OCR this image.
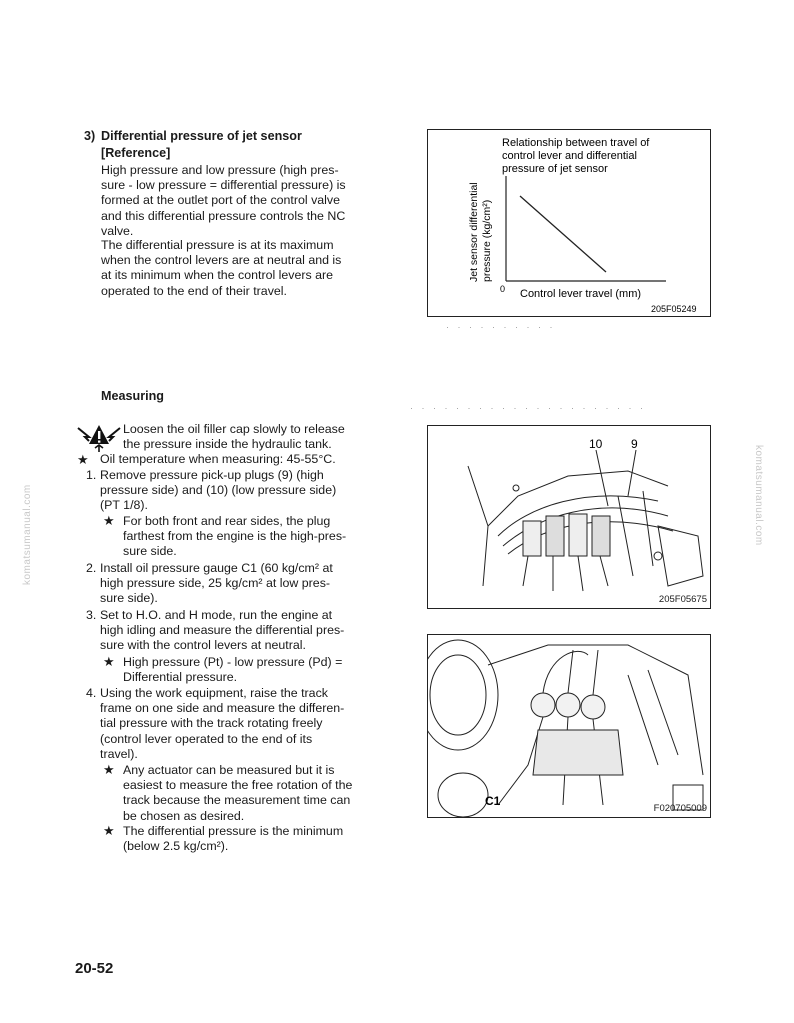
3) Differential pressure of jet sensor
[Reference]

High pressure and low pressure (high pres-

sure - low pressure = differential pressure) is

formed at the outlet port of the control valve

and this differential pressure controls the NC

valve.

The differential pressure is at its maximum

when the control levers are at neutral and is

at its minimum when the control levers are

operated to the end of their travel.

Relationship between travel of
control lever and differential
pressure of jet sensor
Jet sensor differential pressure (kg/cm²)
0 Control lever travel (mm)
205F05249
· · · · · · · · · ·
· · · · · · · · · · · · · · · · · · · · ·
Measuring

Loosen the oil filler cap slowly to release

the pressure inside the hydraulic tank.

★ Oil temperature when measuring: 45-55°C.
1. Remove pressure pick-up plugs (9) (high
pressure side) and (10) (low pressure side)
(PT 1/8).
★ For both front and rear sides, the plug
farthest from the engine is the high-pres-
sure side.
2. Install oil pressure gauge C1 (60 kg/cm² at
high pressure side, 25 kg/cm² at low pres-
sure side).
3. Set to H.O. and H mode, run the engine at
high idling and measure the differential pres-
sure with the control levers at neutral.
★ High pressure (Pt) - low pressure (Pd) =
Differential pressure.
4. Using the work equipment, raise the track
frame on one side and measure the differen-
tial pressure with the track rotating freely
(control lever operated to the end of its
travel).
★ Any actuator can be measured but it is
easiest to measure the free rotation of the
track because the measurement time can
be chosen as desired.
★ The differential pressure is the minimum
(below 2.5 kg/cm²).
10 9
205F05675
C1
F020705009
komatsumanual.com	komatsumanual.com
20-52
